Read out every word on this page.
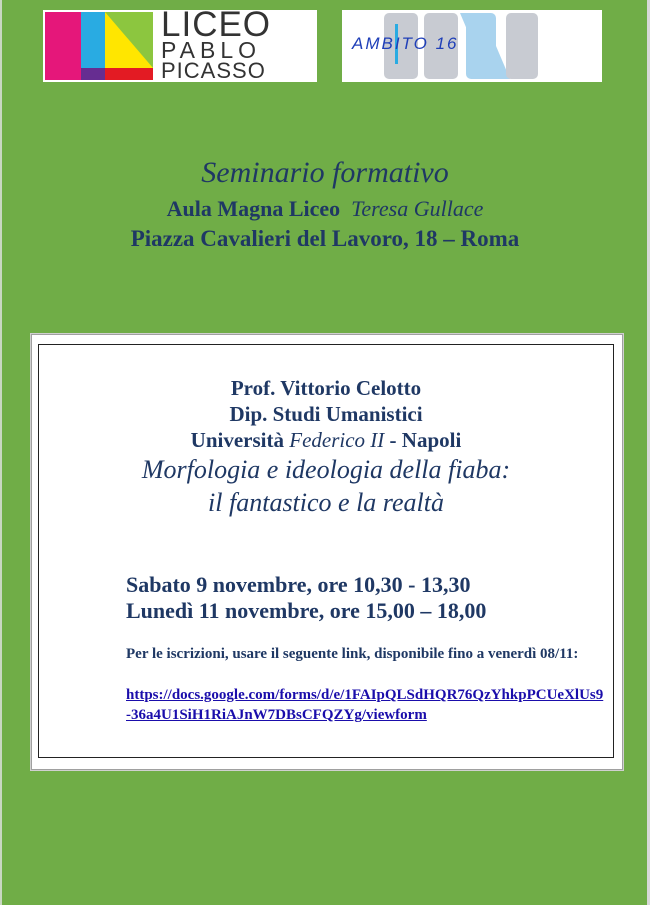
LICEO
PABLO
PICASSO
AMBITO 16
Seminario formativo
Aula Magna Liceo Teresa Gullace
Piazza Cavalieri del Lavoro, 18 – Roma
Prof. Vittorio Celotto
Dip. Studi Umanistici
Università Federico II - Napoli
Morfologia e ideologia della fiaba:
il fantastico e la realtà
Sabato 9 novembre, ore 10,30 - 13,30
Lunedì 11 novembre, ore 15,00 – 18,00
Per le iscrizioni, usare il seguente link, disponibile fino a venerdì 08/11:
https://docs.google.com/forms/d/e/1FAIpQLSdHQR76QzYhkpPCUeXlUs9-36a4U1SiH1RiAJnW7DBsCFQZYg/viewform
